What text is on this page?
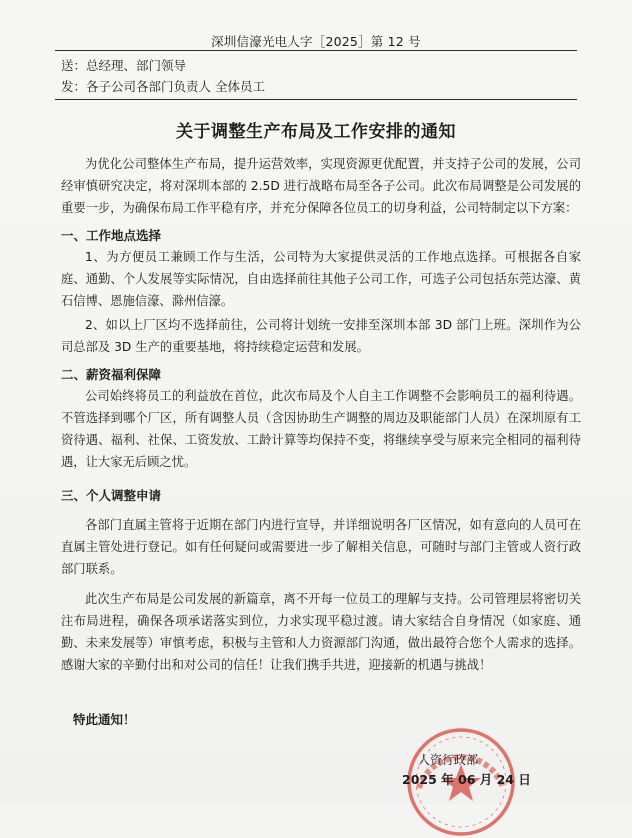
深圳信濠光电人字［2025］第 12 号
送：总经理、部门领导
发：各子公司各部门负责人 全体员工
关于调整生产布局及工作安排的通知

为优化公司整体生产布局，提升运营效率，实现资源更优配置，并支持子公司的发展，公司经审慎研究决定，将对深圳本部的 2.5D 进行战略布局至各子公司。此次布局调整是公司发展的重要一步，为确保布局工作平稳有序，并充分保障各位员工的切身利益，公司特制定以下方案：

一、工作地点选择

1、为方便员工兼顾工作与生活，公司特为大家提供灵活的工作地点选择。可根据各自家庭、通勤、个人发展等实际情况，自由选择前往其他子公司工作，可选子公司包括东莞达濠、黄石信博、恩施信濠、滁州信濠。

2、如以上厂区均不选择前往，公司将计划统一安排至深圳本部 3D 部门上班。深圳作为公司总部及 3D 生产的重要基地，将持续稳定运营和发展。

二、薪资福利保障

公司始终将员工的利益放在首位，此次布局及个人自主工作调整不会影响员工的福利待遇。不管选择到哪个厂区，所有调整人员（含因协助生产调整的周边及职能部门人员）在深圳原有工资待遇、福利、社保、工资发放、工龄计算等均保持不变，将继续享受与原来完全相同的福利待遇，让大家无后顾之忧。

三、个人调整申请

各部门直属主管将于近期在部门内进行宣导，并详细说明各厂区情况，如有意向的人员可在直属主管处进行登记。如有任何疑问或需要进一步了解相关信息，可随时与部门主管或人资行政部门联系。

此次生产布局是公司发展的新篇章，离不开每一位员工的理解与支持。公司管理层将密切关注布局进程，确保各项承诺落实到位，力求实现平稳过渡。请大家结合自身情况（如家庭、通勤、未来发展等）审慎考虑，积极与主管和人力资源部门沟通，做出最符合您个人需求的选择。感谢大家的辛勤付出和对公司的信任！让我们携手共进，迎接新的机遇与挑战！

特此通知！
人资行政部
2025 年 06 月 24 日
